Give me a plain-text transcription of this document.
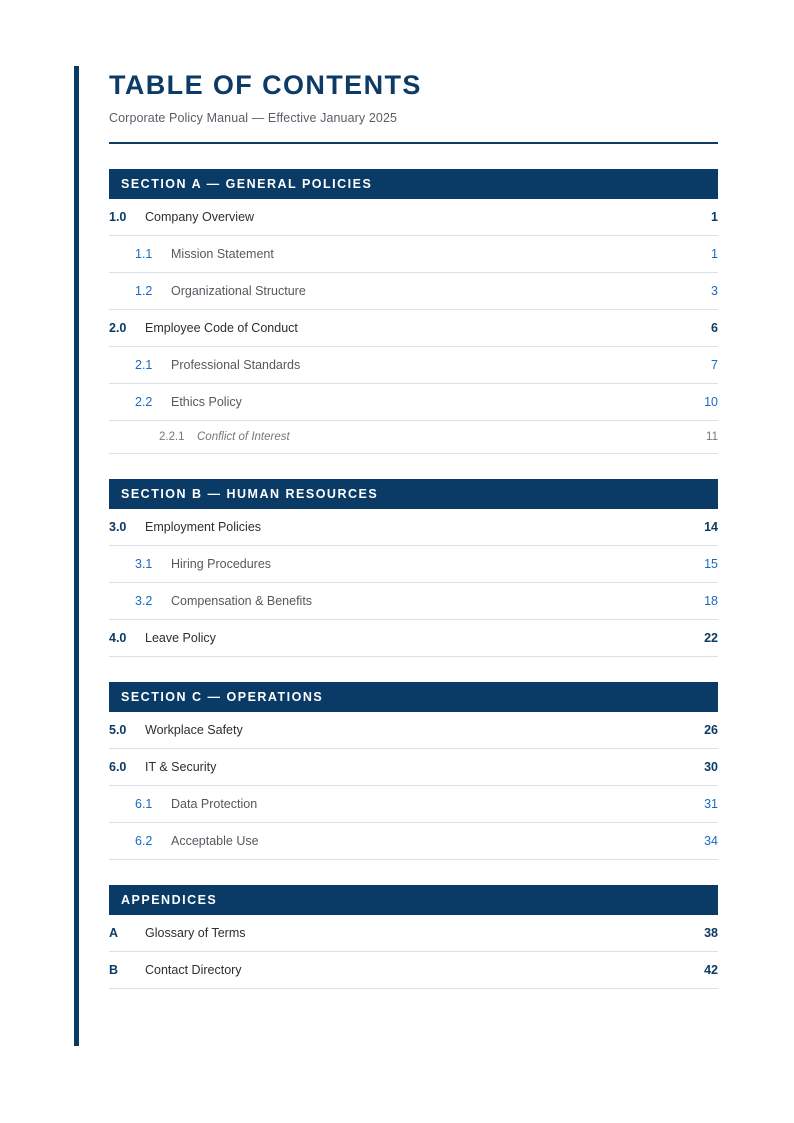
TABLE OF CONTENTS

Corporate Policy Manual — Effective January 2025

SECTION A — GENERAL POLICIES
1.0	Company Overview	1
1.1	Mission Statement	1
1.2	Organizational Structure	3
2.0	Employee Code of Conduct	6
2.1	Professional Standards	7
2.2	Ethics Policy	10
2.2.1	Conflict of Interest	11
SECTION B — HUMAN RESOURCES
3.0	Employment Policies	14
3.1	Hiring Procedures	15
3.2	Compensation & Benefits	18
4.0	Leave Policy	22
SECTION C — OPERATIONS
5.0	Workplace Safety	26
6.0	IT & Security	30
6.1	Data Protection	31
6.2	Acceptable Use	34
APPENDICES
A	Glossary of Terms	38
B	Contact Directory	42
